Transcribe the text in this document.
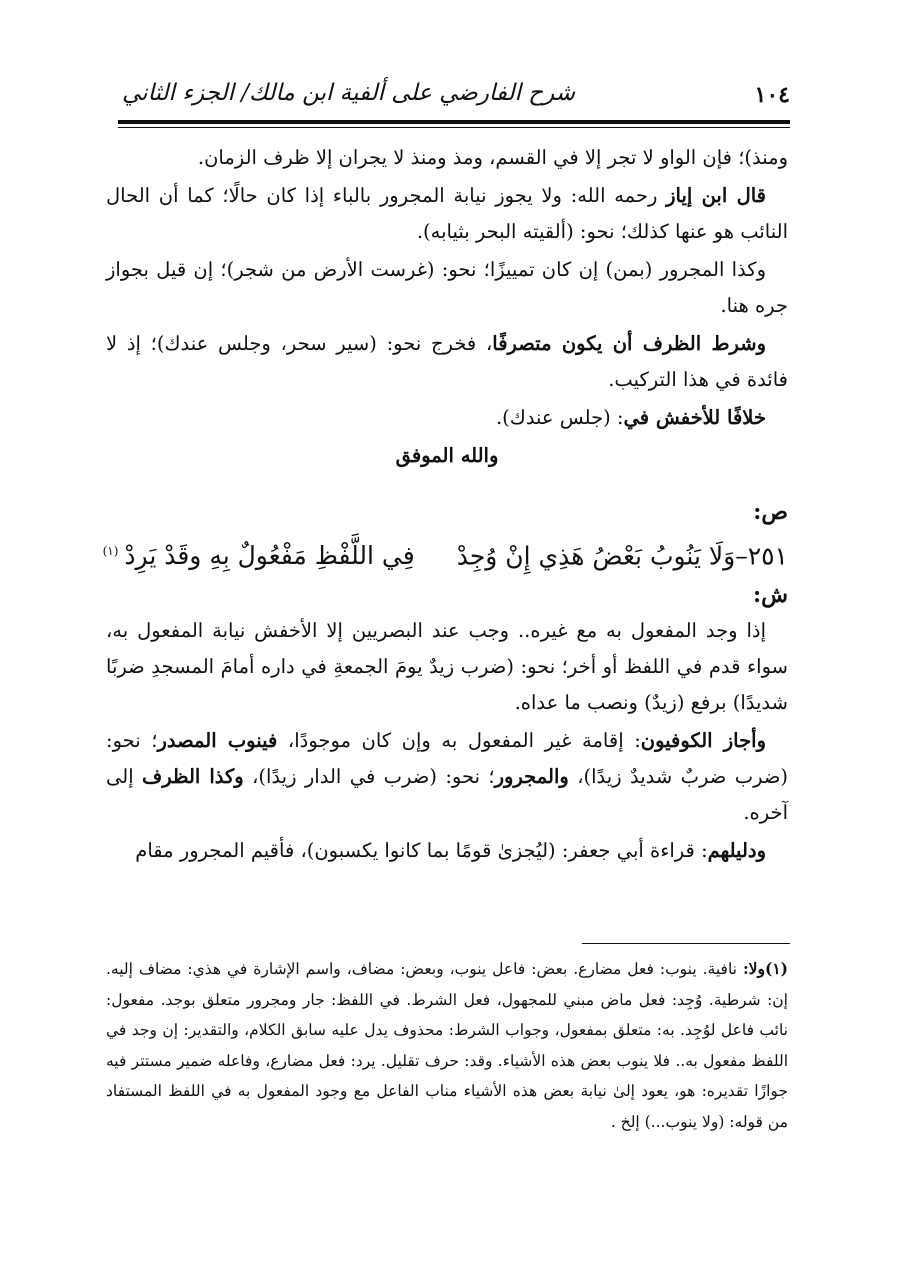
١٠٤
شرح الفارضي على ألفية ابن مالك/ الجزء الثاني

ومنذ)؛ فإن الواو لا تجر إلا في القسم، ومذ ومنذ لا يجران إلا ظرف الزمان.

قال ابن إياز رحمه الله: ولا يجوز نيابة المجرور بالباء إذا كان حالًا؛ كما أن الحال النائب هو عنها كذلك؛ نحو: (ألقيته البحر بثيابه).

وكذا المجرور (بمن) إن كان تمييزًا؛ نحو: (غرست الأرض من شجر)؛ إن قيل بجواز جره هنا.

وشرط الظرف أن يكون متصرفًا، فخرج نحو: (سير سحر، وجلس عندك)؛ إذ لا فائدة في هذا التركيب.

خلافًا للأخفش في: (جلس عندك).

والله الموفق

ص:

٢٥١–وَلَا يَنُوبُ بَعْضُ هَذِي إِنْ وُجِدْفِي اللَّفْظِ مَفْعُولٌ بِهِ وقَدْ يَرِدْ$^{(١)}$

ش:

إذا وجد المفعول به مع غيره.. وجب عند البصريين إلا الأخفش نيابة المفعول به، سواء قدم في اللفظ أو أخر؛ نحو: (ضرب زيدٌ يومَ الجمعةِ في داره أمامَ المسجدِ ضربًا شديدًا) برفع (زيدٌ) ونصب ما عداه.

وأجاز الكوفيون: إقامة غير المفعول به وإن كان موجودًا، فينوب المصدر؛ نحو: (ضرب ضربٌ شديدٌ زيدًا)، والمجرور؛ نحو: (ضرب في الدار زيدًا)، وكذا الظرف إلى آخره.

ودليلهم: قراءة أبي جعفر: (ليُجزىٰ قومًا بما كانوا يكسبون)، فأقيم المجرور مقام

(١)ولا: نافية. ينوب: فعل مضارع. بعض: فاعل ينوب، وبعض: مضاف، واسم الإشارة في هذي: مضاف إليه. إن: شرطية. وُجِد: فعل ماض مبني للمجهول، فعل الشرط. في اللفظ: جار ومجرور متعلق بوجد. مفعول: نائب فاعل لوُجِد. به: متعلق بمفعول، وجواب الشرط: محذوف يدل عليه سابق الكلام، والتقدير: إن وجد في اللفظ مفعول به.. فلا ينوب بعض هذه الأشياء. وقد: حرف تقليل. يرد: فعل مضارع، وفاعله ضمير مستتر فيه جوازًا تقديره: هو، يعود إلىٰ نيابة بعض هذه الأشياء مناب الفاعل مع وجود المفعول به في اللفظ المستفاد من قوله: (ولا ينوب...) إلخ .
